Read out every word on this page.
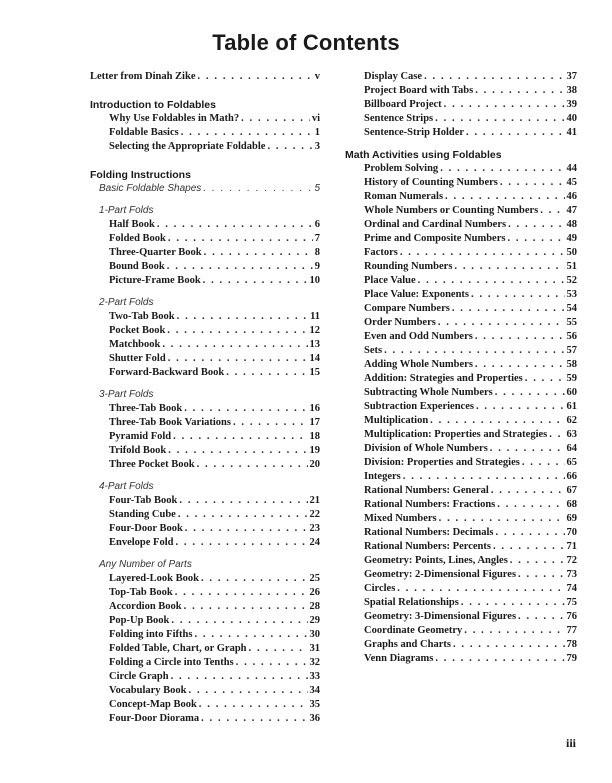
Table of Contents
Letter from Dinah Zike . . .	v
Introduction to Foldables
Why Use Foldables in Math? . . .	vi
Foldable Basics . . .	1
Selecting the Appropriate Foldable . . .	3
Folding Instructions
Basic Foldable Shapes . . .	5
1-Part Folds
Half Book . . .	6
Folded Book . . .	7
Three-Quarter Book . . .	8
Bound Book . . .	9
Picture-Frame Book . . .	10
2-Part Folds
Two-Tab Book . . .	11
Pocket Book . . .	12
Matchbook . . .	13
Shutter Fold . . .	14
Forward-Backward Book . . .	15
3-Part Folds
Three-Tab Book . . .	16
Three-Tab Book Variations . . .	17
Pyramid Fold . . .	18
Trifold Book . . .	19
Three Pocket Book . . .	20
4-Part Folds
Four-Tab Book . . .	21
Standing Cube . . .	22
Four-Door Book . . .	23
Envelope Fold . . .	24
Any Number of Parts
Layered-Look Book . . .	25
Top-Tab Book . . .	26
Accordion Book . . .	28
Pop-Up Book . . .	29
Folding into Fifths . . .	30
Folded Table, Chart, or Graph . . .	31
Folding a Circle into Tenths . . .	32
Circle Graph . . .	33
Vocabulary Book . . .	34
Concept-Map Book . . .	35
Four-Door Diorama . . .	36
Display Case . . .	37
Project Board with Tabs . . .	38
Billboard Project . . .	39
Sentence Strips . . .	40
Sentence-Strip Holder . . .	41
Math Activities using Foldables
Problem Solving . . .	44
History of Counting Numbers . . .	45
Roman Numerals . . .	46
Whole Numbers or Counting Numbers . . .	47
Ordinal and Cardinal Numbers . . .	48
Prime and Composite Numbers . . .	49
Factors . . .	50
Rounding Numbers . . .	51
Place Value . . .	52
Place Value: Exponents . . .	53
Compare Numbers . . .	54
Order Numbers . . .	55
Even and Odd Numbers . . .	56
Sets . . .	57
Adding Whole Numbers . . .	58
Addition: Strategies and Properties . . .	59
Subtracting Whole Numbers . . .	60
Subtraction Experiences . . .	61
Multiplication . . .	62
Multiplication: Properties and Strategies . . . 63
Division of Whole Numbers . . .	64
Division: Properties and Strategies . . .	65
Integers . . .	66
Rational Numbers: General . . .	67
Rational Numbers: Fractions . . .	68
Mixed Numbers . . .	69
Rational Numbers: Decimals . . .	70
Rational Numbers: Percents . . .	71
Geometry: Points, Lines, Angles . . .	72
Geometry: 2-Dimensional Figures . . .	73
Circles . . .	74
Spatial Relationships . . .	75
Geometry: 3-Dimensional Figures . . .	76
Coordinate Geometry . . .	77
Graphs and Charts . . .	78
Venn Diagrams . . .	79
iii
